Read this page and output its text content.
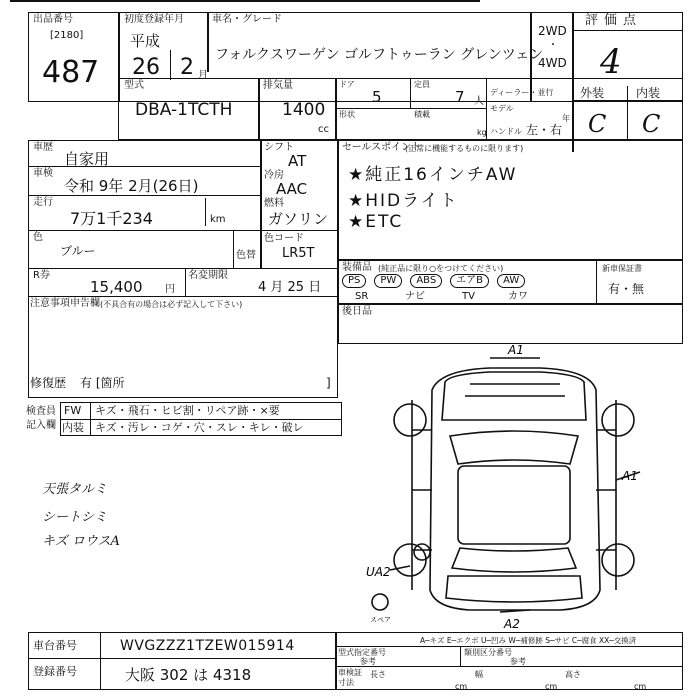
出品番号
[2180]
487
初度登録年月
平成
26 2 月
車名・グレード
フォルクスワーゲン ゴルフトゥーラン グレンツェン
2WD
・
4WD
評価点
4
型式
DBA-1TCTH
排気量
1400
cc
ドア
5
定員
7 人
形状	積載
kg
ディーラー・並行
モデル
年
ハンドル 左・右
外装	内装
C C
車歴
自家用
車検
令和 9年 2月(26日)
走行
7万1千234	km
色
ブルー	色替
シフト
AT
冷房
AAC
燃料
ガソリン
色コード
LR5T
R券
15,400 円
名変期限
4 月 25 日
注意事項申告欄 (不具合有の場合は必ず記入して下さい)
修復歴 有 [箇所	]
セールスポイント
(正常に機能するものに限ります)
★純正16インチAW
★HIDライト
★ETC
装備品 (純正品に限り○をつけてください)
PS	PW	ABS	エアB	AW
SR	ナビ	TV	カワ
新車保証書
有・無
後日品
検査員
記入欄
FW キズ・飛石・ヒビ割・リペア跡・×要
内装 キズ・汚レ・コゲ・穴・スレ・キレ・破レ
天張タルミ
シートシミ
キズ ロウスA
A1
A1
UA2
A2
スペア
A─キズ E─エクボ U─凹み W─補修跡 S─サビ C─腐食 XX─交換済
車台番号	WVGZZZ1TZEW015914
登録番号	大阪 302 は 4318
型式指定番号
参考
類別区分番号
参考
車検証
寸法
長さ
cm
幅
cm
高さ
cm
